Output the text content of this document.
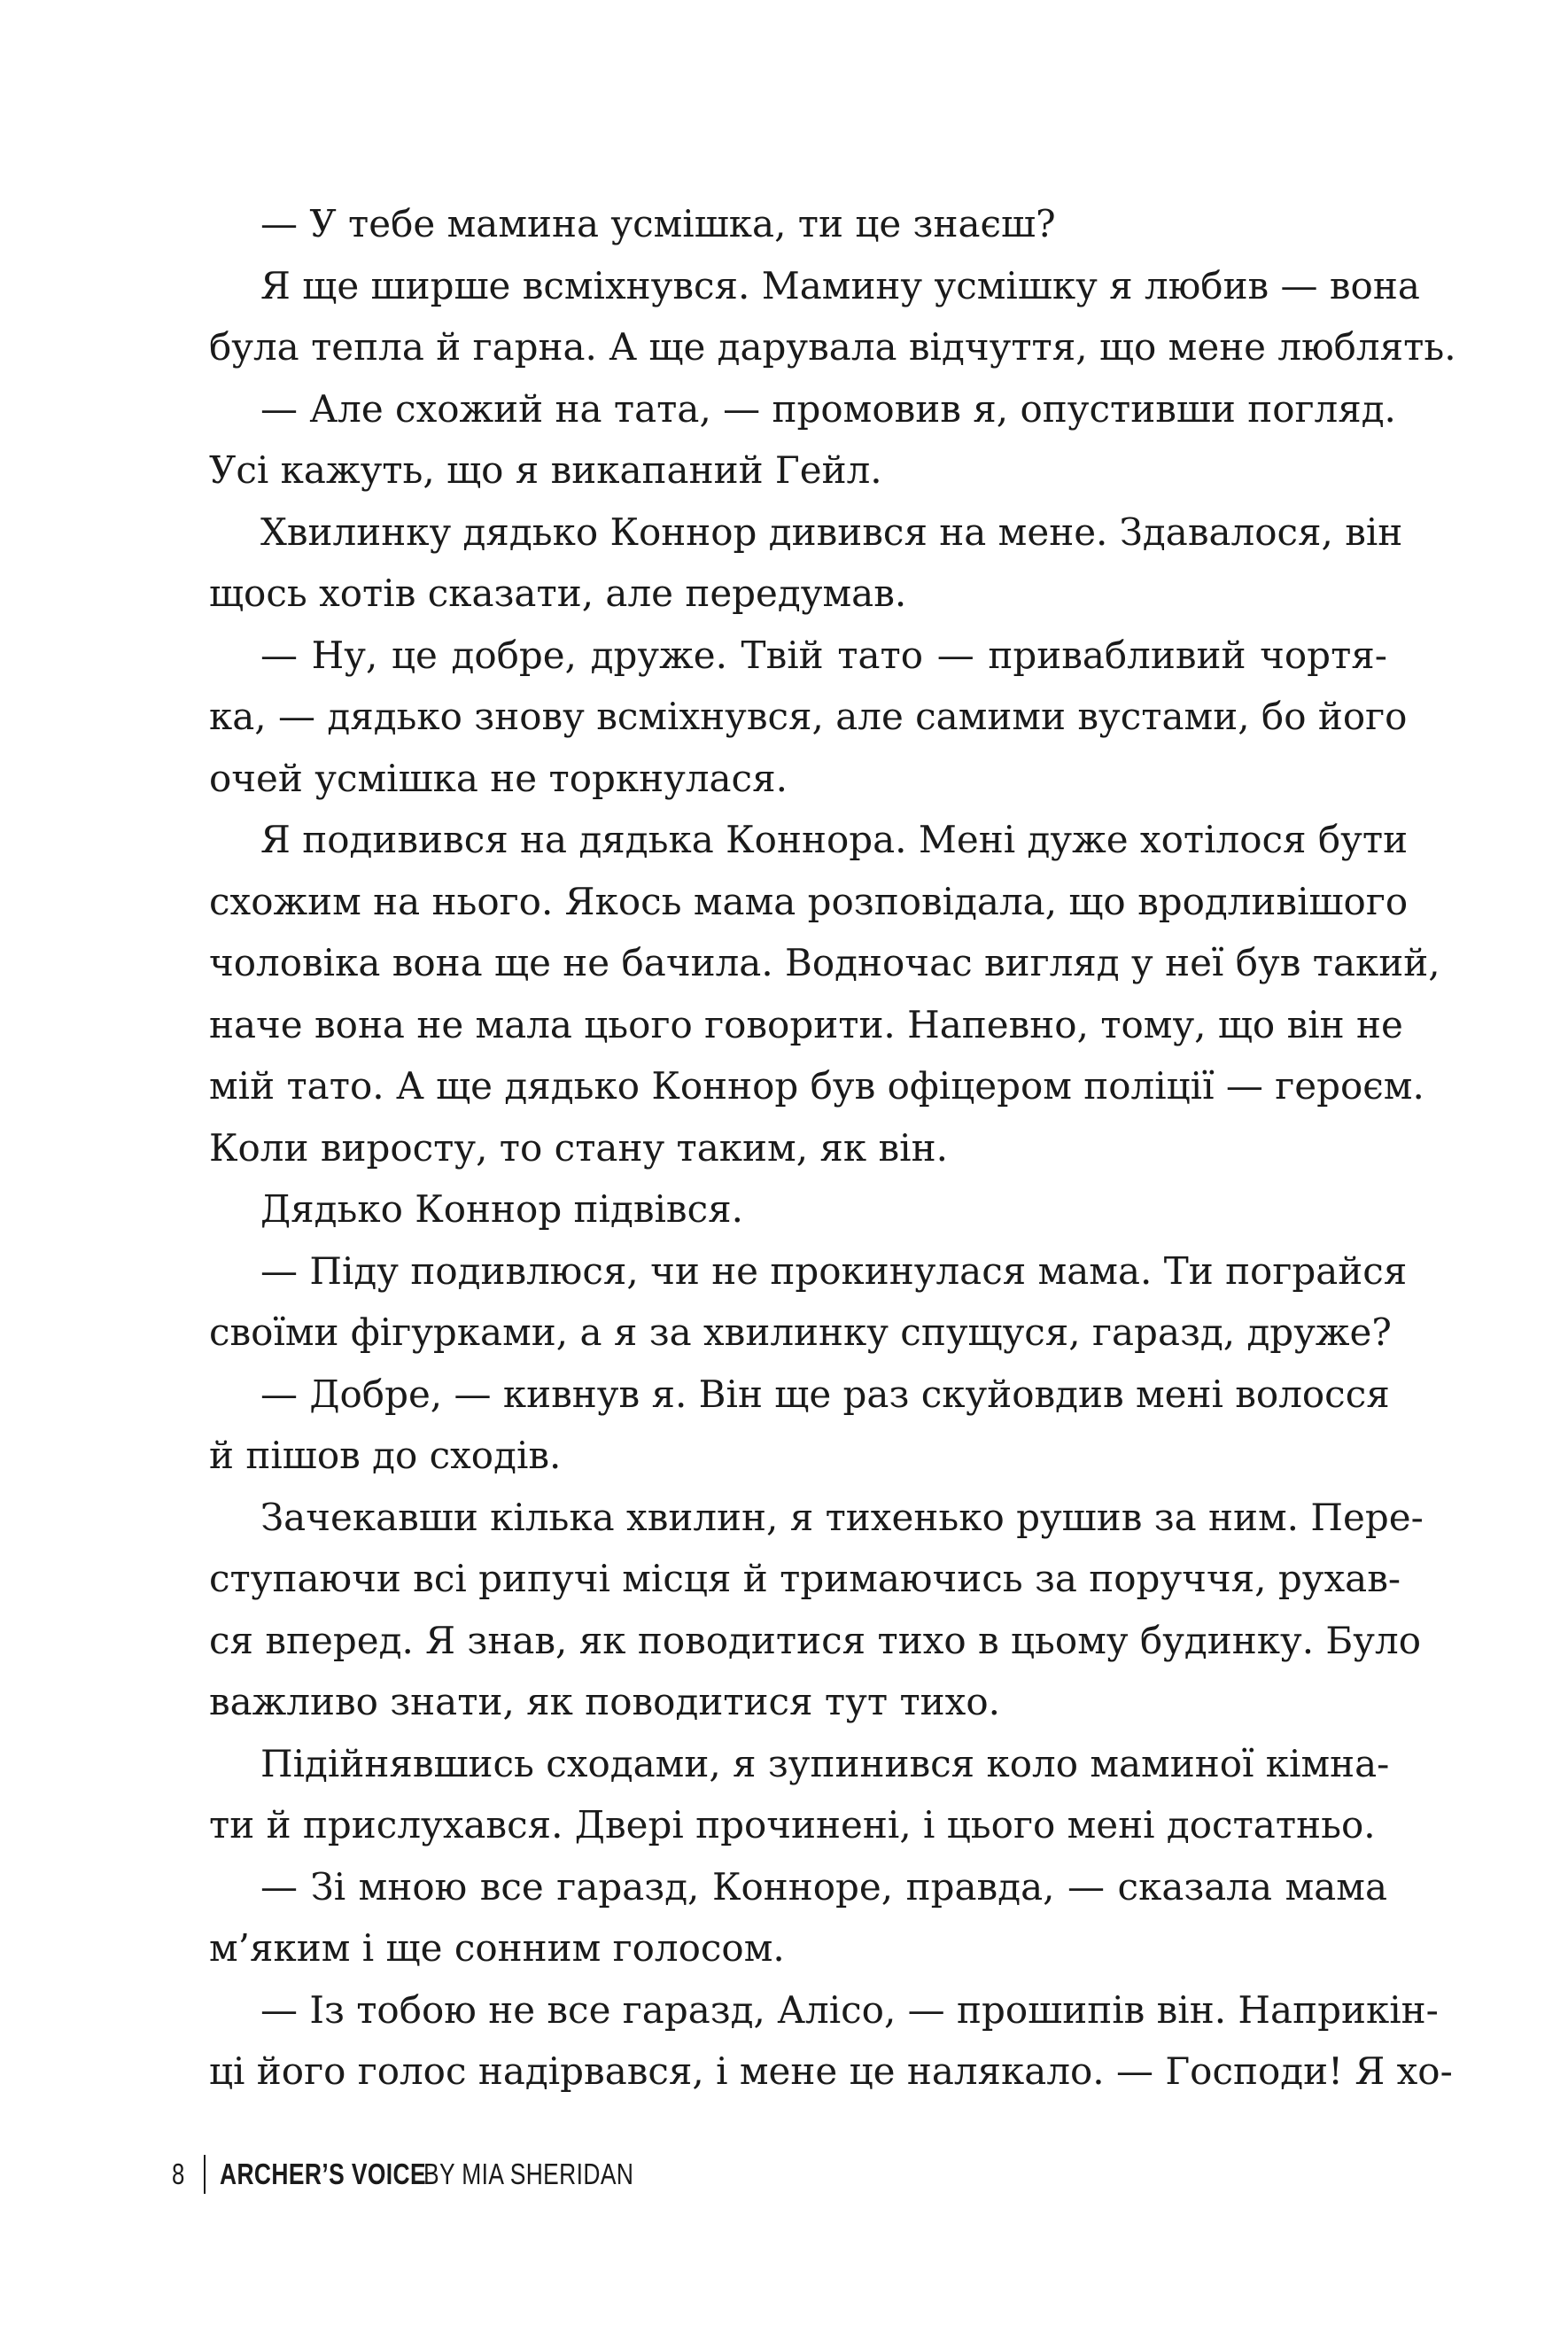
— У тебе мамина усмішка, ти це знаєш?
Я ще ширше всміхнувся. Мамину усмішку я любив — вона
була тепла й гарна. А ще дарувала відчуття, що мене люблять.
— Але схожий на тата, — промовив я, опустивши погляд.
Усі кажуть, що я викапаний Гейл.
Хвилинку дядько Коннор дивився на мене. Здавалося, він
щось хотів сказати, але передумав.
— Ну, це добре, друже. Твій тато — привабливий чортя-
ка, — дядько знову всміхнувся, але самими вустами, бо його
очей усмішка не торкнулася.
Я подивився на дядька Коннора. Мені дуже хотілося бути
схожим на нього. Якось мама розповідала, що вродливішого
чоловіка вона ще не бачила. Водночас вигляд у неї був такий,
наче вона не мала цього говорити. Напевно, тому, що він не
мій тато. А ще дядько Коннор був офіцером поліції — героєм.
Коли виросту, то стану таким, як він.
Дядько Коннор підвівся.
— Піду подивлюся, чи не прокинулася мама. Ти пограйся
своїми фігурками, а я за хвилинку спущуся, гаразд, друже?
— Добре, — кивнув я. Він ще раз скуйовдив мені волосся
й пішов до сходів.
Зачекавши кілька хвилин, я тихенько рушив за ним. Пере-
ступаючи всі рипучі місця й тримаючись за поруччя, рухав-
ся вперед. Я знав, як поводитися тихо в цьому будинку. Було
важливо знати, як поводитися тут тихо.
Підійнявшись сходами, я зупинився коло маминої кімна-
ти й прислухався. Двері прочинені, і цього мені достатньо.
— Зі мною все гаразд, Конноре, правда, — сказала мама
м’яким і ще сонним голосом.
— Із тобою не все гаразд, Алісо, — прошипів він. Наприкін-
ці його голос надірвався, і мене це налякало. — Господи! Я хо-
8 ARCHER’S VOICE
BY MIA SHERIDAN
